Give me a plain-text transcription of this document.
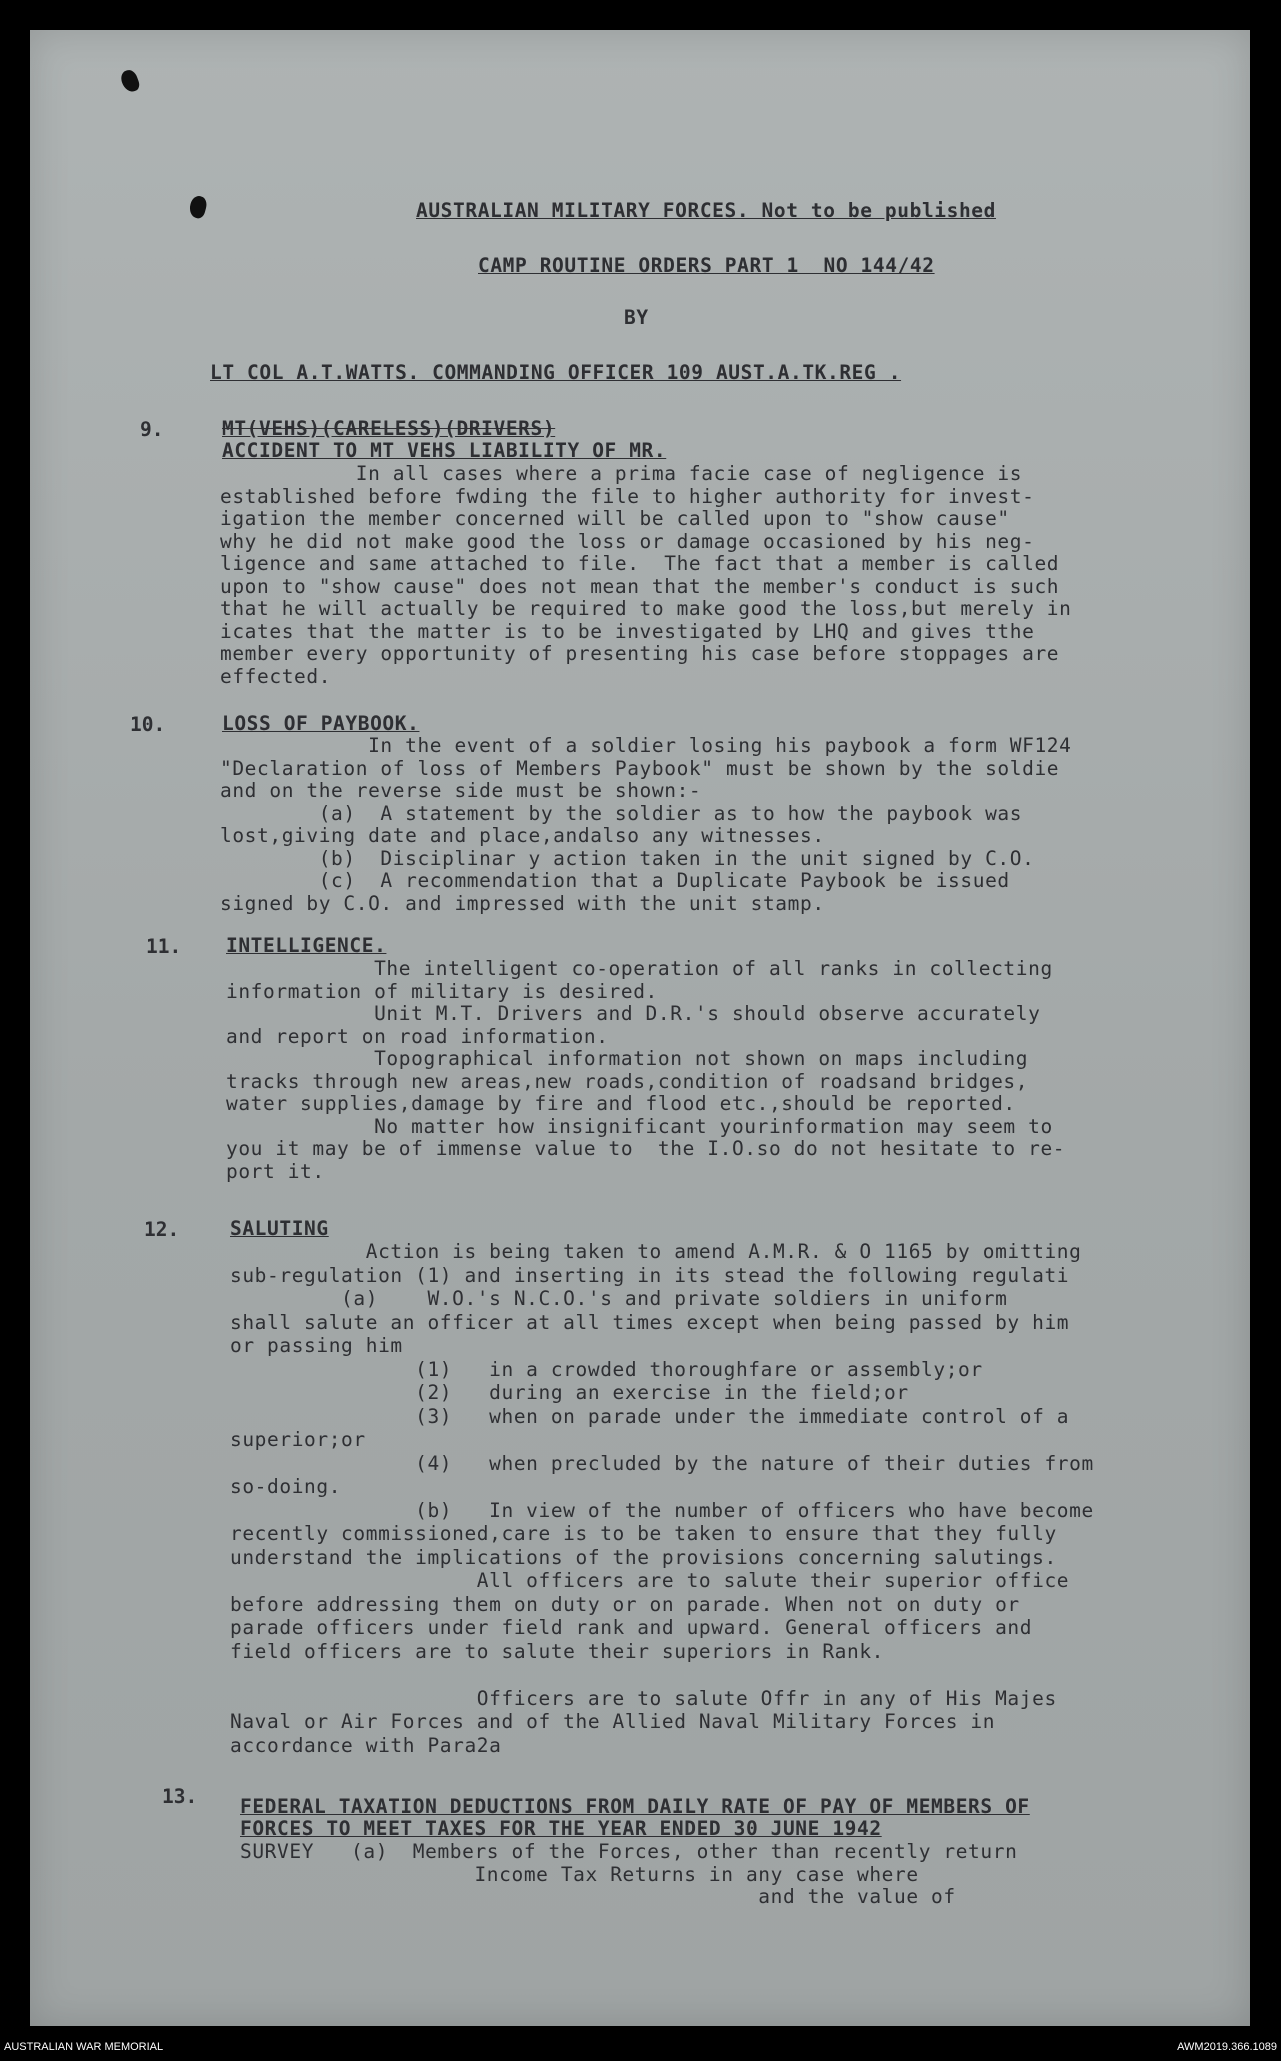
AUSTRALIAN MILITARY FORCES. Not to be published
CAMP ROUTINE ORDERS PART 1  NO 144/42
BY
LT COL A.T.WATTS. COMMANDING OFFICER 109 AUST.A.TK.REG .
9.	MT(VEHS)(CARELESS)(DRIVERS)
ACCIDENT TO MT VEHS LIABILITY OF MR.
In all cases where a prima facie case of negligence is
established before fwding the file to higher authority for invest-
igation the member concerned will be called upon to "show cause"
why he did not make good the loss or damage occasioned by his neg-
ligence and same attached to file.  The fact that a member is called
upon to "show cause" does not mean that the member's conduct is such
that he will actually be required to make good the loss,but merely in
icates that the matter is to be investigated by LHQ and gives tthe
member every opportunity of presenting his case before stoppages are
effected.
10.	LOSS OF PAYBOOK.
In the event of a soldier losing his paybook a form WF124
"Declaration of loss of Members Paybook" must be shown by the soldie
and on the reverse side must be shown:-
(a)  A statement by the soldier as to how the paybook was
lost,giving date and place,andalso any witnesses.
(b)  Disciplinar y action taken in the unit signed by C.O.
(c)  A recommendation that a Duplicate Paybook be issued
signed by C.O. and impressed with the unit stamp.
11. INTELLIGENCE.
The intelligent co-operation of all ranks in collecting
information of military is desired.
Unit M.T. Drivers and D.R.'s should observe accurately
and report on road information.
Topographical information not shown on maps including
tracks through new areas,new roads,condition of roadsand bridges,
water supplies,damage by fire and flood etc.,should be reported.
No matter how insignificant yourinformation may seem to
you it may be of immense value to  the I.O.so do not hesitate to re-
port it.
12.	SALUTING
Action is being taken to amend A.M.R. & O 1165 by omitting
sub-regulation (1) and inserting in its stead the following regulati
(a)    W.O.'s N.C.O.'s and private soldiers in uniform
shall salute an officer at all times except when being passed by him
or passing him
(1)   in a crowded thoroughfare or assembly;or
(2)   during an exercise in the field;or
(3)   when on parade under the immediate control of a
superior;or
(4)   when precluded by the nature of their duties from
so-doing.
(b)   In view of the number of officers who have become
recently commissioned,care is to be taken to ensure that they fully
understand the implications of the provisions concerning salutings.
All officers are to salute their superior office
before addressing them on duty or on parade. When not on duty or
parade officers under field rank and upward. General officers and
field officers are to salute their superiors in Rank.

Officers are to salute Offr in any of His Majes
Naval or Air Forces and of the Allied Naval Military Forces in
accordance with Para2a
13. FEDERAL TAXATION DEDUCTIONS FROM DAILY RATE OF PAY OF MEMBERS OF
FORCES TO MEET TAXES FOR THE YEAR ENDED 30 JUNE 1942
SURVEY   (a)  Members of the Forces, other than recently return
Income Tax Returns in any case where
and the value of
AUSTRALIAN WAR MEMORIAL	AWM2019.366.1089
